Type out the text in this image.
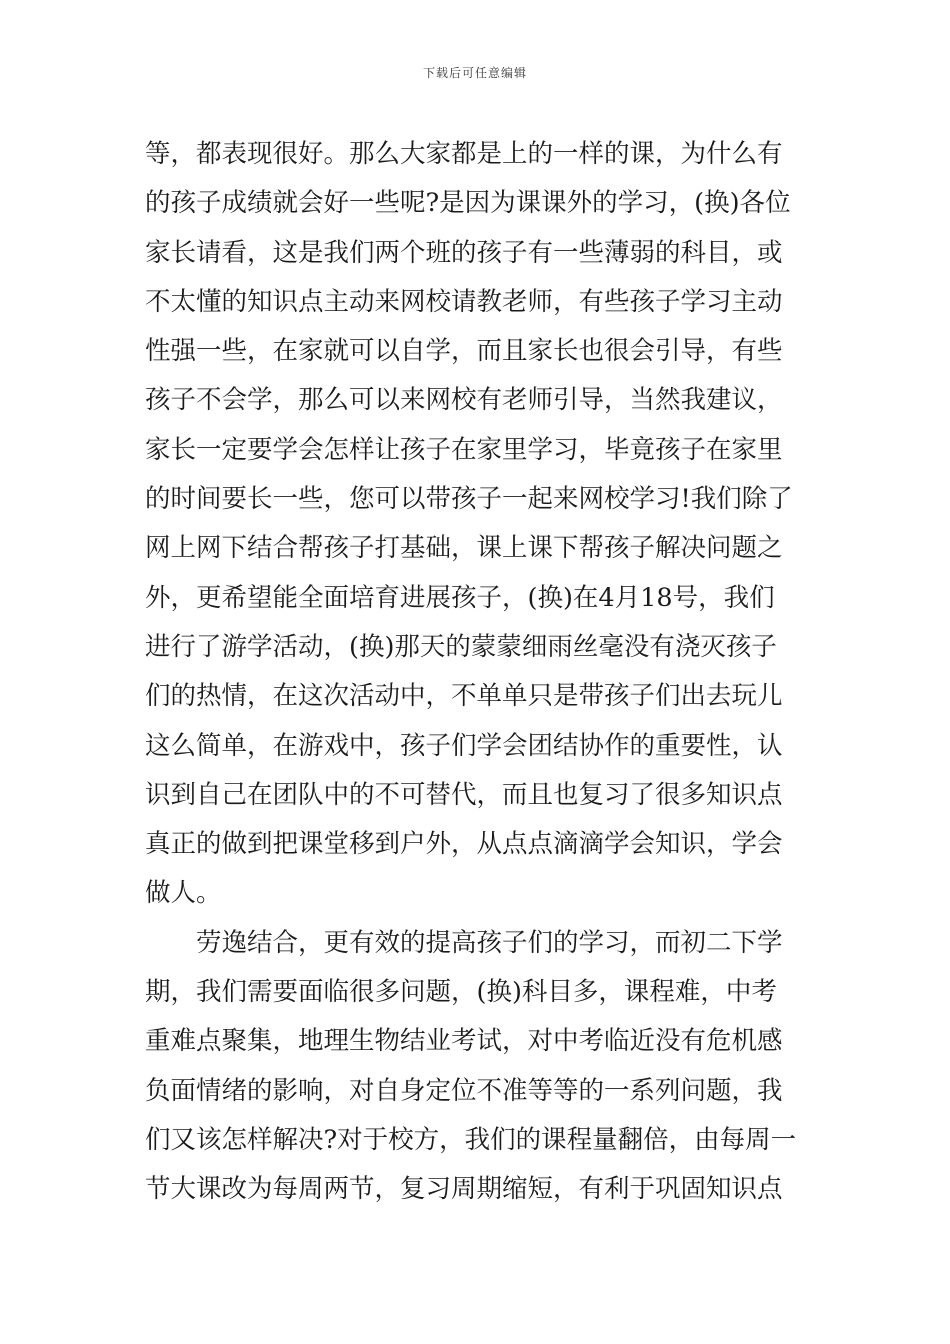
下载后可任意编辑
等，都表现很好。那么大家都是上的一样的课，为什么有
的孩子成绩就会好一些呢?是因为课课外的学习，(换)各位
家长请看，这是我们两个班的孩子有一些薄弱的科目，或
不太懂的知识点主动来网校请教老师，有些孩子学习主动
性强一些，在家就可以自学，而且家长也很会引导，有些
孩子不会学，那么可以来网校有老师引导，当然我建议，
家长一定要学会怎样让孩子在家里学习，毕竟孩子在家里
的时间要长一些，您可以带孩子一起来网校学习!我们除了
网上网下结合帮孩子打基础，课上课下帮孩子解决问题之
外，更希望能全面培育进展孩子，(换)在4月18号，我们
进行了游学活动，(换)那天的蒙蒙细雨丝毫没有浇灭孩子
们的热情，在这次活动中，不单单只是带孩子们出去玩儿
这么简单，在游戏中，孩子们学会团结协作的重要性，认
识到自己在团队中的不可替代，而且也复习了很多知识点
真正的做到把课堂移到户外，从点点滴滴学会知识，学会
做人。
劳逸结合，更有效的提高孩子们的学习，而初二下学
期，我们需要面临很多问题，(换)科目多，课程难，中考
重难点聚集，地理生物结业考试，对中考临近没有危机感
负面情绪的影响，对自身定位不准等等的一系列问题，我
们又该怎样解决?对于校方，我们的课程量翻倍，由每周一
节大课改为每周两节，复习周期缩短，有利于巩固知识点
